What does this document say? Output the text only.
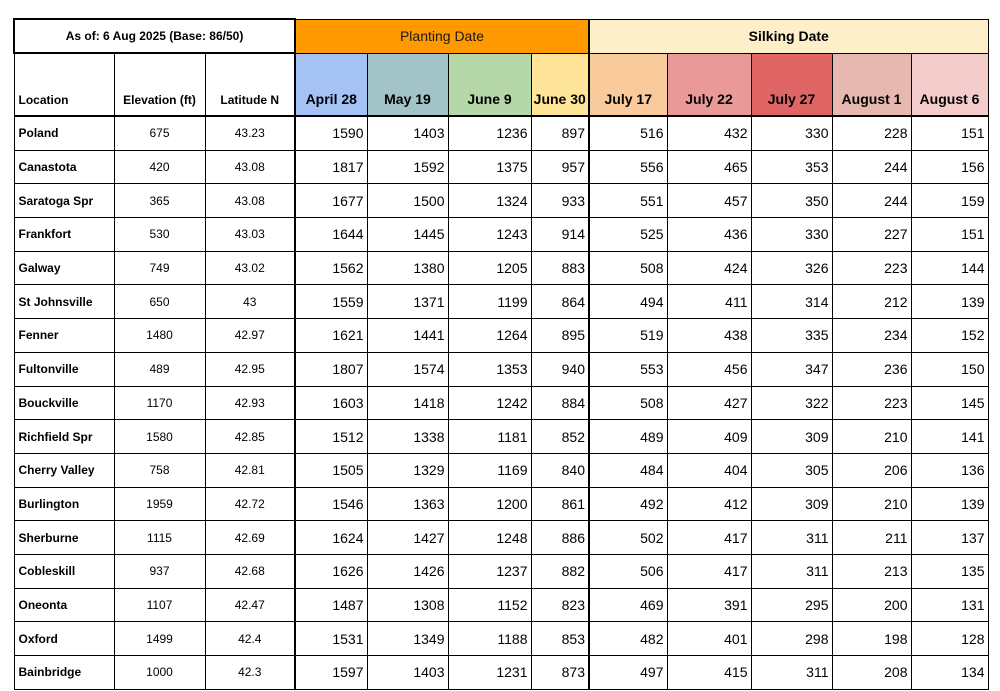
As of: 6 Aug 2025 (Base: 86/50)			Planting Date				Silking Date				
Location	Elevation (ft)	Latitude N	April 28	May 19	June 9	June 30	July 17	July 22	July 27	August 1	August 6
Poland	675	43.23	1590	1403	1236	897	516	432	330	228	151
Canastota	420	43.08	1817	1592	1375	957	556	465	353	244	156
Saratoga Spr	365	43.08	1677	1500	1324	933	551	457	350	244	159
Frankfort	530	43.03	1644	1445	1243	914	525	436	330	227	151
Galway	749	43.02	1562	1380	1205	883	508	424	326	223	144
St Johnsville	650	43	1559	1371	1199	864	494	411	314	212	139
Fenner	1480	42.97	1621	1441	1264	895	519	438	335	234	152
Fultonville	489	42.95	1807	1574	1353	940	553	456	347	236	150
Bouckville	1170	42.93	1603	1418	1242	884	508	427	322	223	145
Richfield Spr	1580	42.85	1512	1338	1181	852	489	409	309	210	141
Cherry Valley	758	42.81	1505	1329	1169	840	484	404	305	206	136
Burlington	1959	42.72	1546	1363	1200	861	492	412	309	210	139
Sherburne	1115	42.69	1624	1427	1248	886	502	417	311	211	137
Cobleskill	937	42.68	1626	1426	1237	882	506	417	311	213	135
Oneonta	1107	42.47	1487	1308	1152	823	469	391	295	200	131
Oxford	1499	42.4	1531	1349	1188	853	482	401	298	198	128
Bainbridge	1000	42.3	1597	1403	1231	873	497	415	311	208	134
